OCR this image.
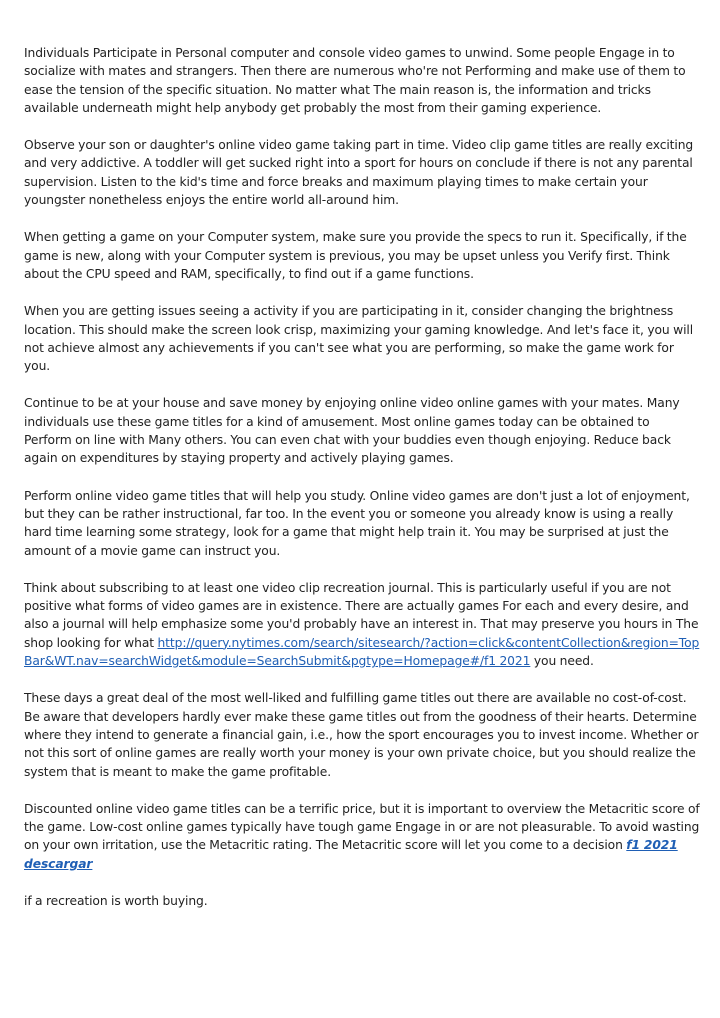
Individuals Participate in Personal computer and console video games to unwind. Some people Engage in to socialize with mates and strangers. Then there are numerous who're not Performing and make use of them to ease the tension of the specific situation. No matter what The main reason is, the information and tricks available underneath might help anybody get probably the most from their gaming experience.

Observe your son or daughter's online video game taking part in time. Video clip game titles are really exciting and very addictive. A toddler will get sucked right into a sport for hours on conclude if there is not any parental supervision. Listen to the kid's time and force breaks and maximum playing times to make certain your youngster nonetheless enjoys the entire world all-around him.

When getting a game on your Computer system, make sure you provide the specs to run it. Specifically, if the game is new, along with your Computer system is previous, you may be upset unless you Verify first. Think about the CPU speed and RAM, specifically, to find out if a game functions.

When you are getting issues seeing a activity if you are participating in it, consider changing the brightness location. This should make the screen look crisp, maximizing your gaming knowledge. And let's face it, you will not achieve almost any achievements if you can't see what you are performing, so make the game work for you.

Continue to be at your house and save money by enjoying online video online games with your mates. Many individuals use these game titles for a kind of amusement. Most online games today can be obtained to Perform on line with Many others. You can even chat with your buddies even though enjoying. Reduce back again on expenditures by staying property and actively playing games.

Perform online video game titles that will help you study. Online video games are don't just a lot of enjoyment, but they can be rather instructional, far too. In the event you or someone you already know is using a really hard time learning some strategy, look for a game that might help train it. You may be surprised at just the amount of a movie game can instruct you.

Think about subscribing to at least one video clip recreation journal. This is particularly useful if you are not positive what forms of video games are in existence. There are actually games For each and every desire, and also a journal will help emphasize some you'd probably have an interest in. That may preserve you hours in The shop looking for what http://query.nytimes.com/search/sitesearch/?action=click&contentCollection&region=TopBar&WT.nav=searchWidget&module=SearchSubmit&pgtype=Homepage#/f1 2021 you need.

These days a great deal of the most well-liked and fulfilling game titles out there are available no cost-of-cost. Be aware that developers hardly ever make these game titles out from the goodness of their hearts. Determine where they intend to generate a financial gain, i.e., how the sport encourages you to invest income. Whether or not this sort of online games are really worth your money is your own private choice, but you should realize the system that is meant to make the game profitable.

Discounted online video game titles can be a terrific price, but it is important to overview the Metacritic score of the game. Low-cost online games typically have tough game Engage in or are not pleasurable. To avoid wasting on your own irritation, use the Metacritic rating. The Metacritic score will let you come to a decision f1 2021 descargar

if a recreation is worth buying.
